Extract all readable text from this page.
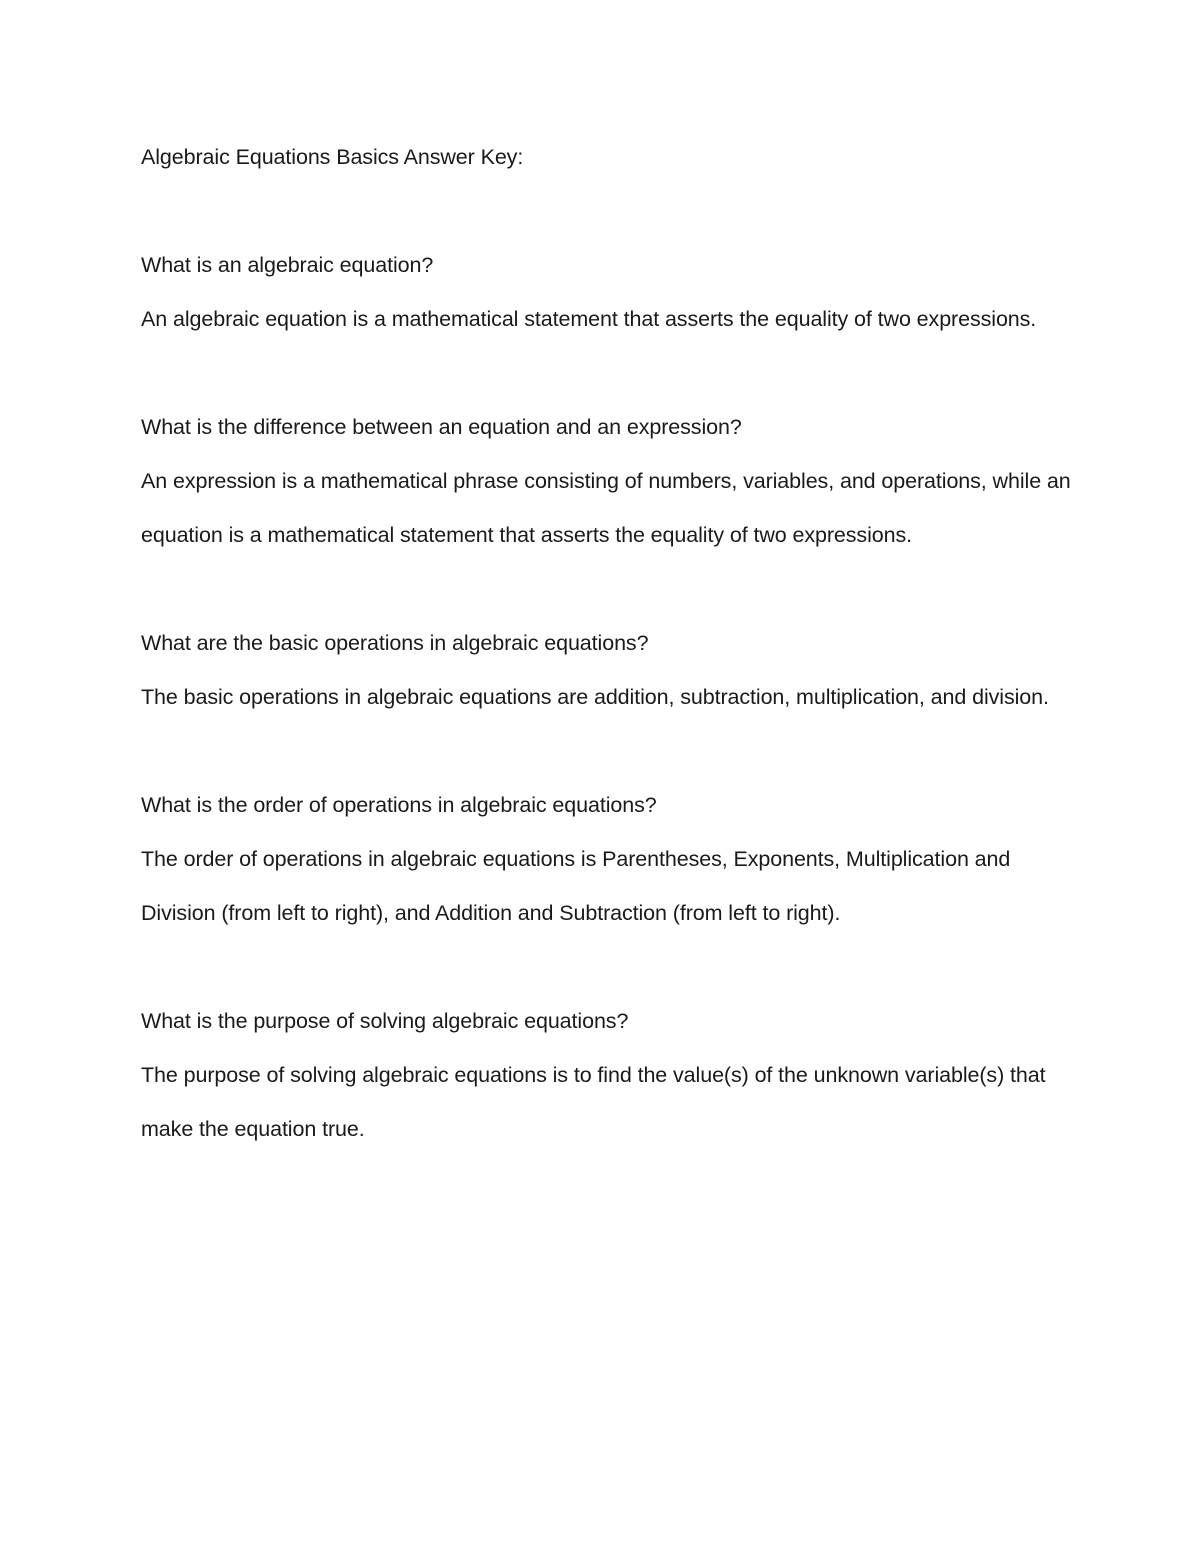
Algebraic Equations Basics Answer Key:
What is an algebraic equation?
An algebraic equation is a mathematical statement that asserts the equality of two expressions.
What is the difference between an equation and an expression?
An expression is a mathematical phrase consisting of numbers, variables, and operations, while an equation is a mathematical statement that asserts the equality of two expressions.
What are the basic operations in algebraic equations?
The basic operations in algebraic equations are addition, subtraction, multiplication, and division.
What is the order of operations in algebraic equations?
The order of operations in algebraic equations is Parentheses, Exponents, Multiplication and Division (from left to right), and Addition and Subtraction (from left to right).
What is the purpose of solving algebraic equations?
The purpose of solving algebraic equations is to find the value(s) of the unknown variable(s) that make the equation true.
